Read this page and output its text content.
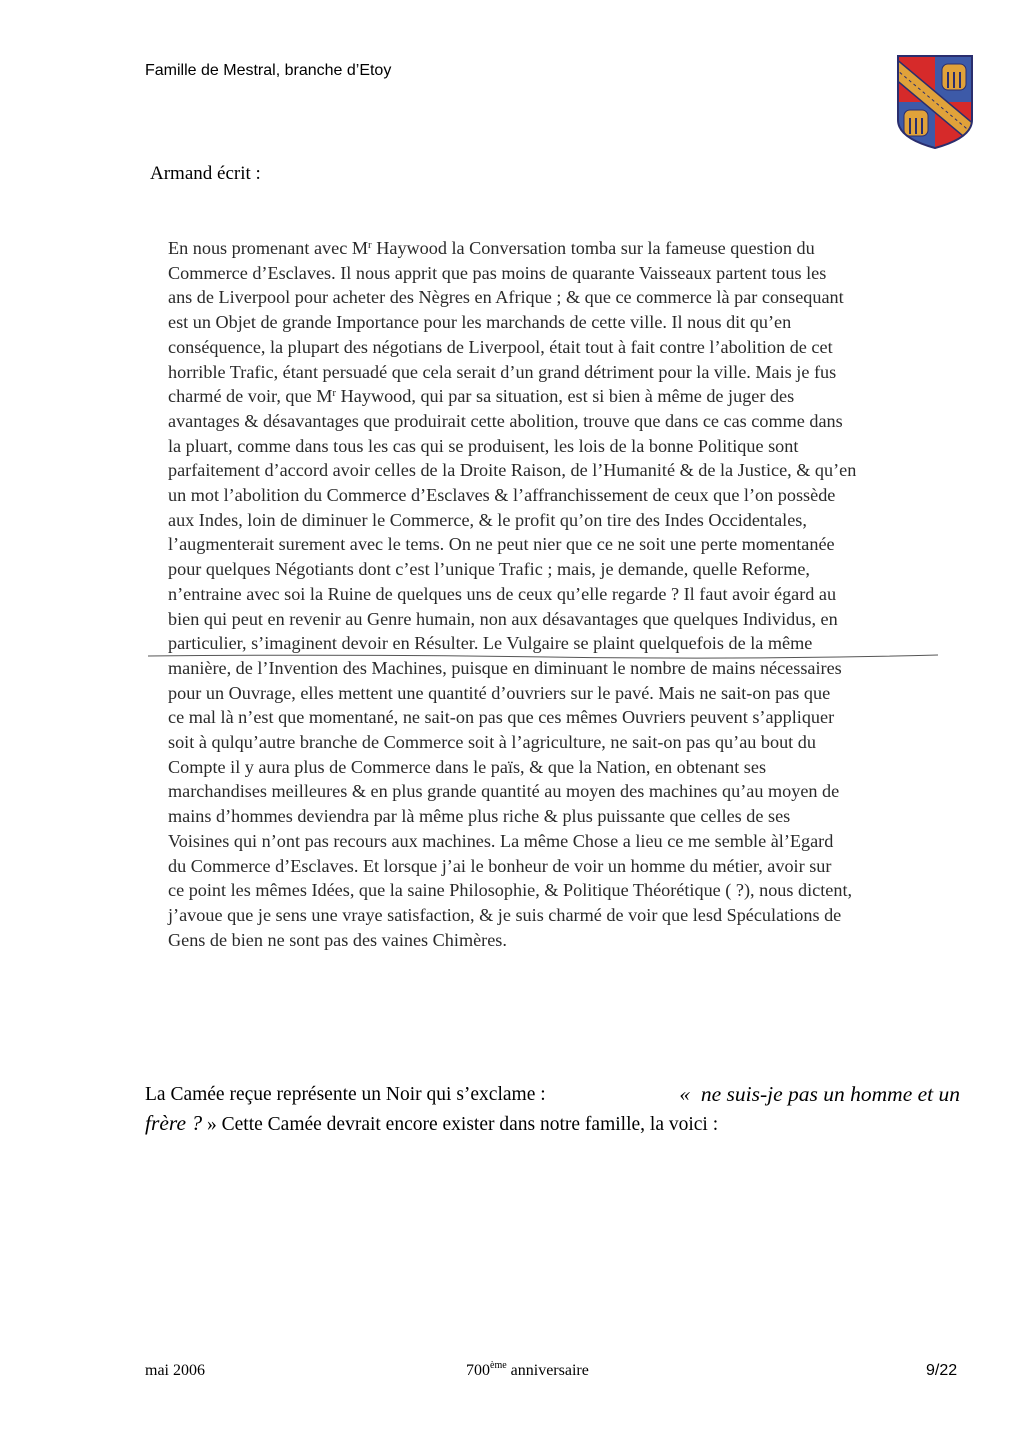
Famille de Mestral, branche d’Etoy
Armand écrit :
En nous promenant avec $M^r$ Haywood la Conversation tomba sur la fameuse question du
Commerce d’Esclaves. Il nous apprit que pas moins de quarante Vaisseaux partent tous les
ans de Liverpool pour acheter des Nègres en Afrique ; & que ce commerce là par consequant
est un Objet de grande Importance pour les marchands de cette ville. Il nous dit qu’en
conséquence, la plupart des négotians de Liverpool, était tout à fait contre l’abolition de cet
horrible Trafic, étant persuadé que cela serait d’un grand détriment pour la ville. Mais je fus
charmé de voir, que $M^r$ Haywood, qui par sa situation, est si bien à même de juger des
avantages & désavantages que produirait cette abolition, trouve que dans ce cas comme dans
la pluart, comme dans tous les cas qui se produisent, les lois de la bonne Politique sont
parfaitement d’accord avoir celles de la Droite Raison, de l’Humanité & de la Justice, & qu’en
un mot l’abolition du Commerce d’Esclaves & l’affranchissement de ceux que l’on possède
aux Indes, loin de diminuer le Commerce, & le profit qu’on tire des Indes Occidentales,
l’augmenterait surement avec le tems. On ne peut nier que ce ne soit une perte momentanée
pour quelques Négotiants dont c’est l’unique Trafic ; mais, je demande, quelle Reforme,
n’entraine avec soi la Ruine de quelques uns de ceux qu’elle regarde ? Il faut avoir égard au
bien qui peut en revenir au Genre humain, non aux désavantages que quelques Individus, en
particulier, s’imaginent devoir en Résulter. Le Vulgaire se plaint quelquefois de la même
manière, de l’Invention des Machines, puisque en diminuant le nombre de mains nécessaires
pour un Ouvrage, elles mettent une quantité d’ouvriers sur le pavé. Mais ne sait-on pas que
ce mal là n’est que momentané, ne sait-on pas que ces mêmes Ouvriers peuvent s’appliquer
soit à qulqu’autre branche de Commerce soit à l’agriculture, ne sait-on pas qu’au bout du
Compte il y aura plus de Commerce dans le païs, & que la Nation, en obtenant ses
marchandises meilleures & en plus grande quantité au moyen des machines qu’au moyen de
mains d’hommes deviendra par là même plus riche & plus puissante que celles de ses
Voisines qui n’ont pas recours aux machines. La même Chose a lieu ce me semble àl’Egard
du Commerce d’Esclaves. Et lorsque j’ai le bonheur de voir un homme du métier, avoir sur
ce point les mêmes Idées, que la saine Philosophie, & Politique Théorétique ( ?), nous dictent,
j’avoue que je sens une vraye satisfaction, & je suis charmé de voir que lesd Spéculations de
Gens de bien ne sont pas des vaines Chimères.
La Camée reçue représente un Noir qui s’exclame :	« ne suis-je pas un homme et un
frère ? » Cette Camée devrait encore exister dans notre famille, la voici :
mai 2006	700ème anniversaire	9/22
